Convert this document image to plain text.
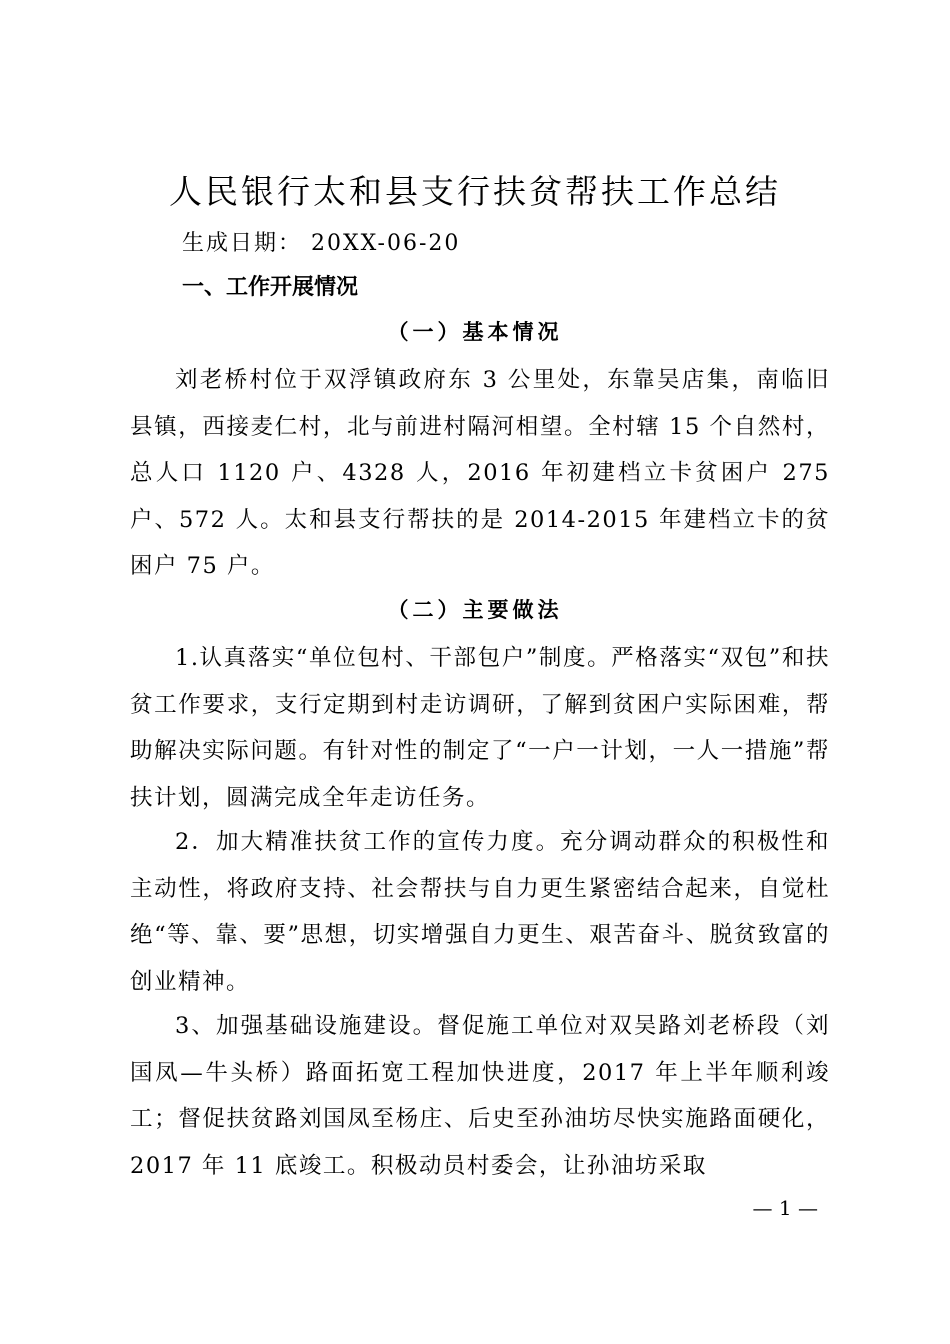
人民银行太和县支行扶贫帮扶工作总结
生成日期： 20XX-06-20
一、工作开展情况
（一）基本情况

刘老桥村位于双浮镇政府东 3 公里处，东靠吴店集，南临旧县镇，西接麦仁村，北与前进村隔河相望。全村辖 15 个自然村，总人口 1120 户、4328 人，2016 年初建档立卡贫困户 275 户、572 人。太和县支行帮扶的是 2014-2015 年建档立卡的贫困户 75 户。

（二）主要做法

1.认真落实“单位包村、干部包户”制度。严格落实“双包”和扶贫工作要求，支行定期到村走访调研，了解到贫困户实际困难，帮助解决实际问题。有针对性的制定了“一户一计划，一人一措施”帮扶计划，圆满完成全年走访任务。

2．加大精准扶贫工作的宣传力度。充分调动群众的积极性和主动性，将政府支持、社会帮扶与自力更生紧密结合起来，自觉杜绝“等、靠、要”思想，切实增强自力更生、艰苦奋斗、脱贫致富的创业精神。

3、加强基础设施建设。督促施工单位对双吴路刘老桥段（刘国凤—牛头桥）路面拓宽工程加快进度，2017 年上半年顺利竣工；督促扶贫路刘国凤至杨庄、后史至孙油坊尽快实施路面硬化，2017 年 11 底竣工。积极动员村委会，让孙油坊采取

— 1 —
